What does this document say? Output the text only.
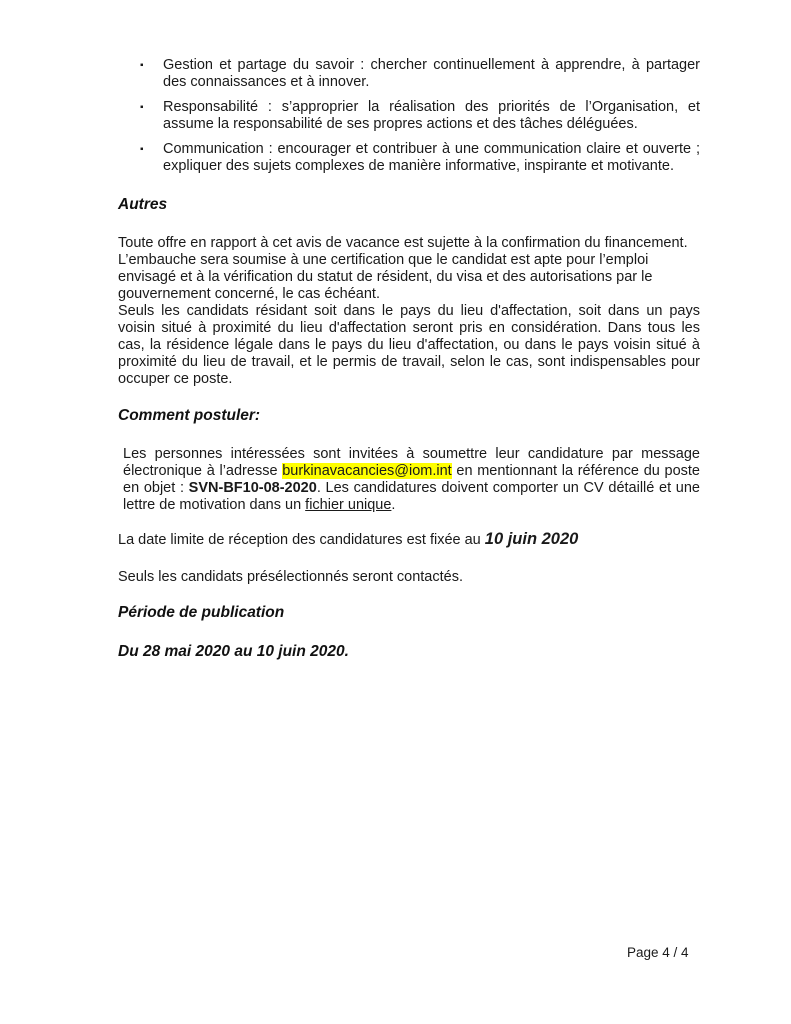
▪ Gestion et partage du savoir : chercher continuellement à apprendre, à partager des connaissances et à innover.
▪ Responsabilité : s’approprier la réalisation des priorités de l’Organisation, et assume la responsabilité de ses propres actions et des tâches déléguées.
▪ Communication : encourager et contribuer à une communication claire et ouverte ; expliquer des sujets complexes de manière informative, inspirante et motivante.
Autres

Toute offre en rapport à cet avis de vacance est sujette à la confirmation du financement. L’embauche sera soumise à une certification que le candidat est apte pour l’emploi envisagé et à la vérification du statut de résident, du visa et des autorisations par le gouvernement concerné, le cas échéant.

Seuls les candidats résidant soit dans le pays du lieu d'affectation, soit dans un pays voisin situé à proximité du lieu d'affectation seront pris en considération. Dans tous les cas, la résidence légale dans le pays du lieu d'affectation, ou dans le pays voisin situé à proximité du lieu de travail, et le permis de travail, selon le cas, sont indispensables pour occuper ce poste.

Comment postuler:

Les personnes intéressées sont invitées à soumettre leur candidature par message électronique à l’adresse burkinavacancies@iom.int en mentionnant la référence du poste en objet : SVN-BF10-08-2020. Les candidatures doivent comporter un CV détaillé et une lettre de motivation dans un fichier unique.

La date limite de réception des candidatures est fixée au 10 juin 2020

Seuls les candidats présélectionnés seront contactés.

Période de publication

Du 28 mai 2020 au 10 juin 2020.

Page 4 / 4
